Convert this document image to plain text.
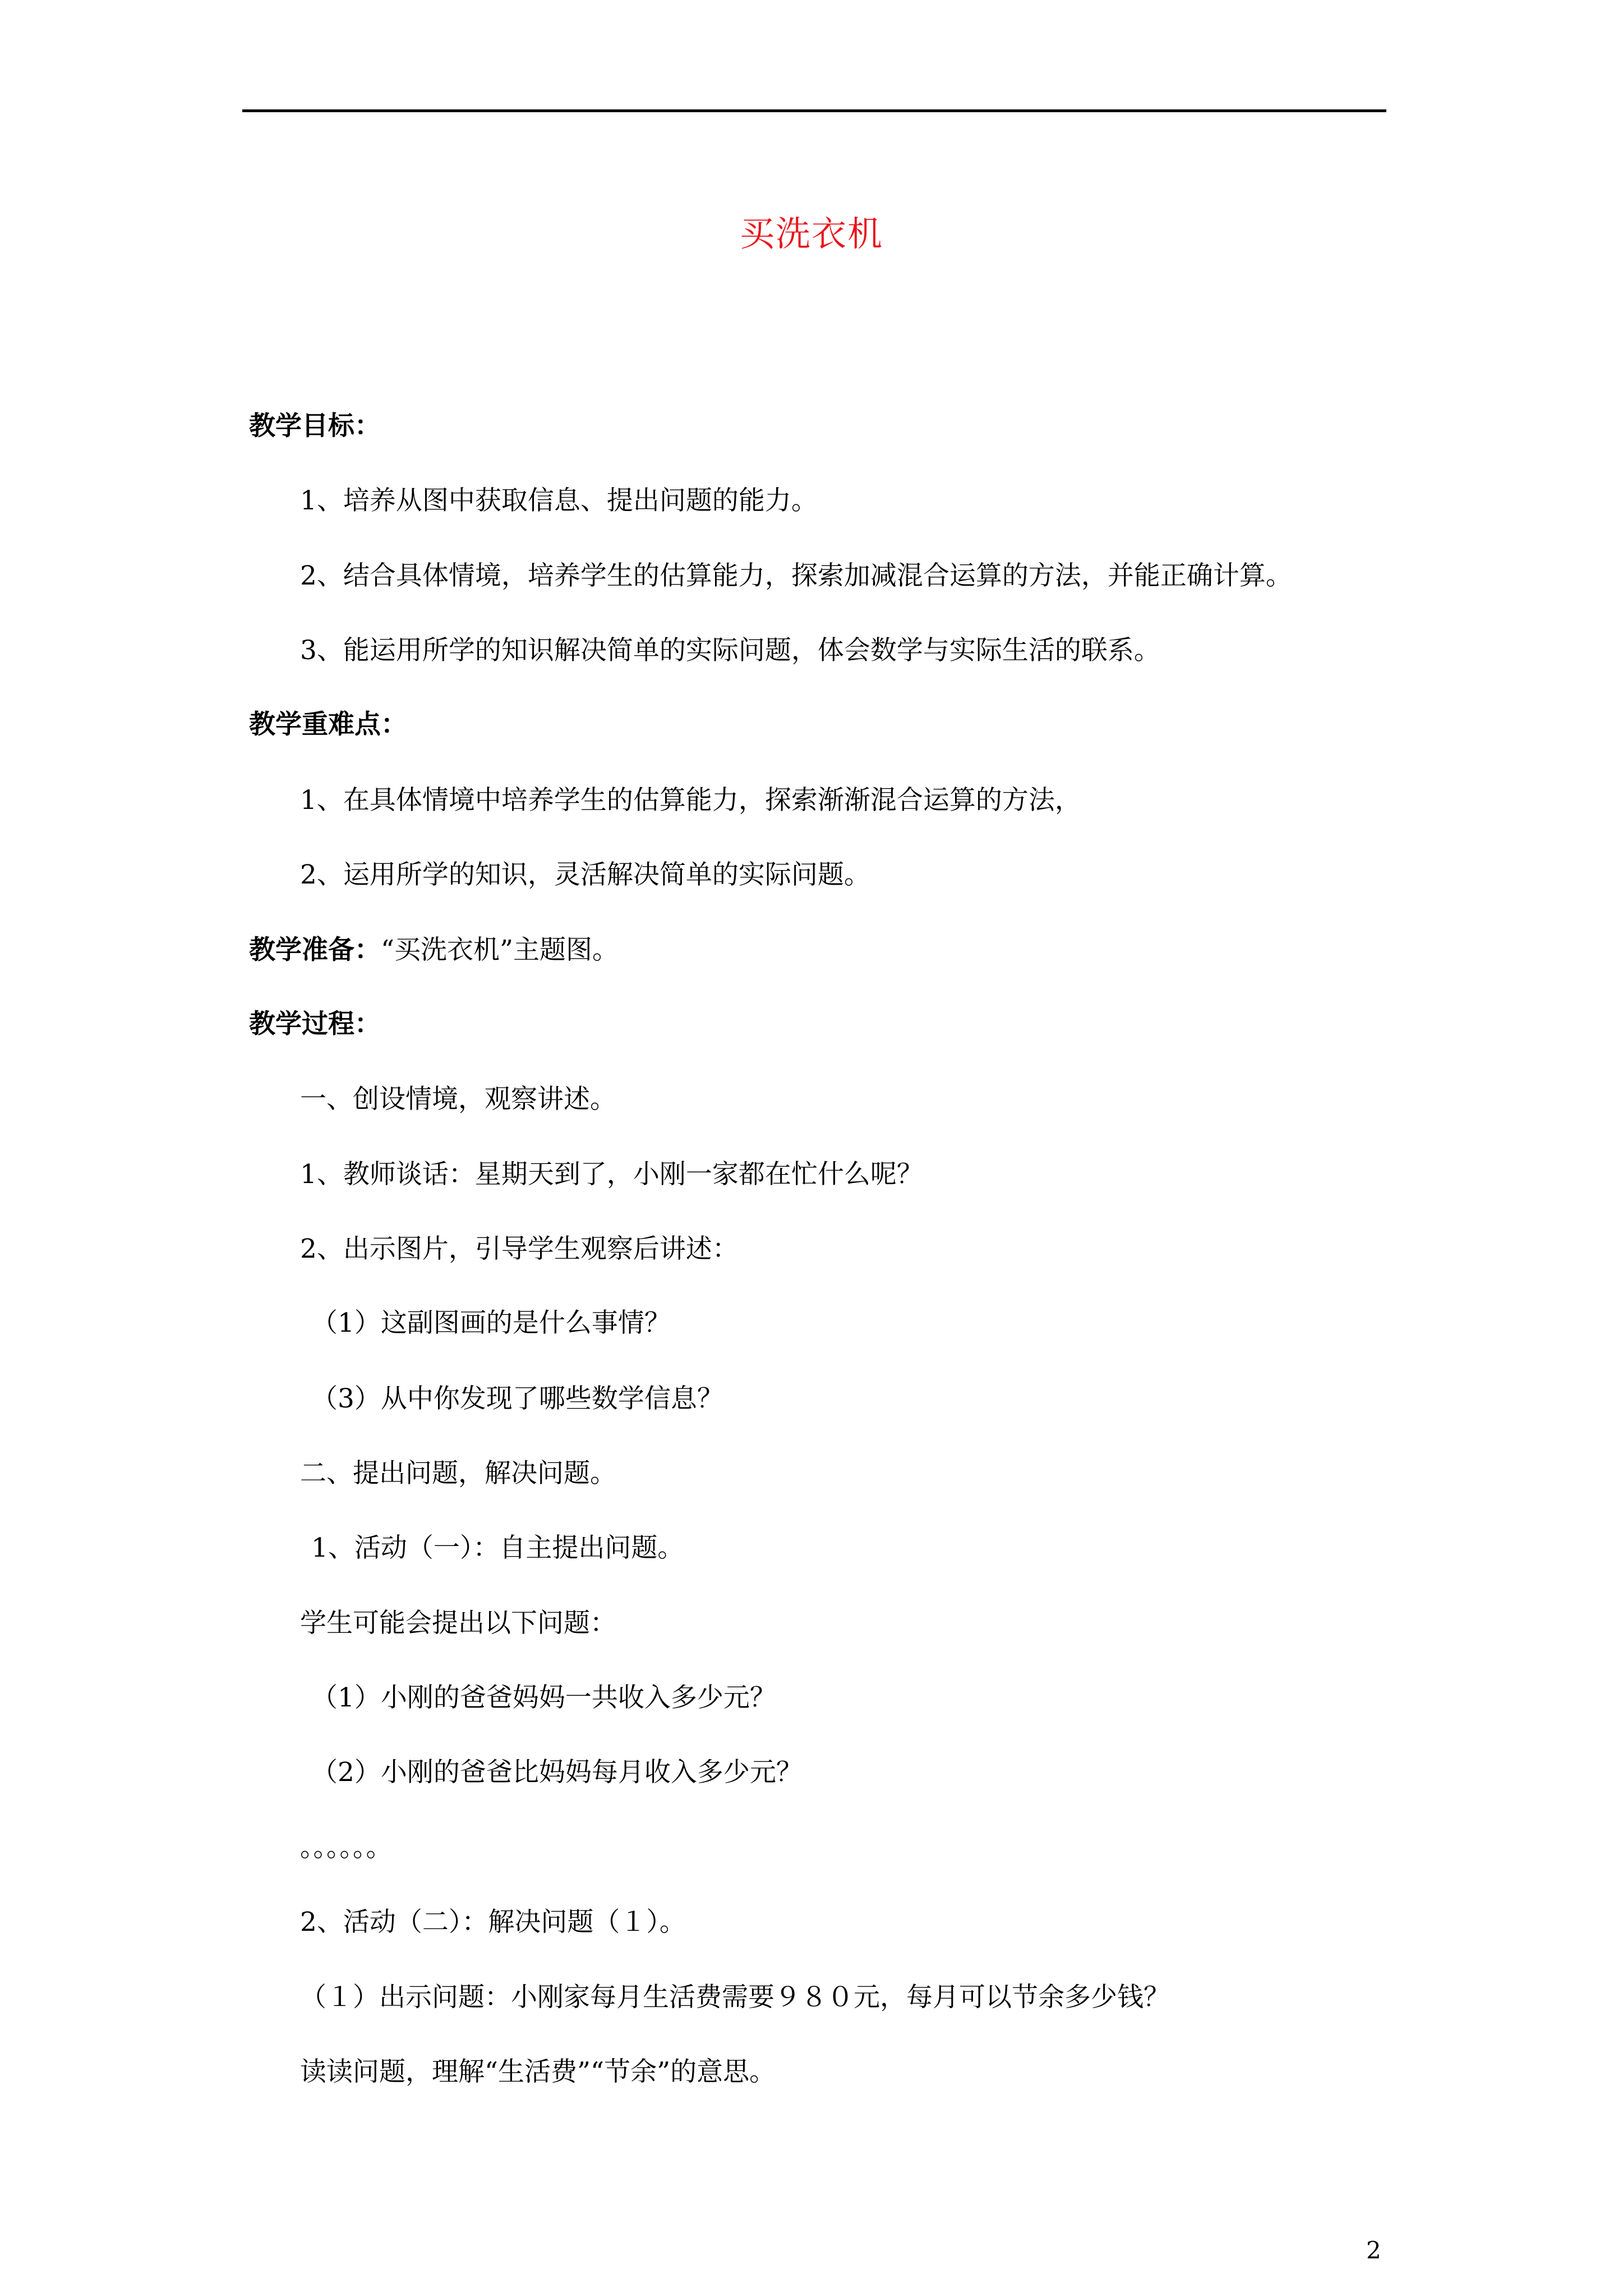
买洗衣机
教学目标：
1、培养从图中获取信息、提出问题的能力。
2、结合具体情境，培养学生的估算能力，探索加减混合运算的方法，并能正确计算。
3、能运用所学的知识解决简单的实际问题，体会数学与实际生活的联系。
教学重难点：
1、在具体情境中培养学生的估算能力，探索渐渐混合运算的方法，
2、运用所学的知识，灵活解决简单的实际问题。
教学准备：“买洗衣机”主题图。
教学过程：
一、创设情境，观察讲述。
1、教师谈话：星期天到了，小刚一家都在忙什么呢？
2、出示图片，引导学生观察后讲述：
（1）这副图画的是什么事情？
（3）从中你发现了哪些数学信息？
二、提出问题，解决问题。
1、活动（一）：自主提出问题。
学生可能会提出以下问题：
（1）小刚的爸爸妈妈一共收入多少元？
（2）小刚的爸爸比妈妈每月收入多少元？
。。。。。。
2、活动（二）：解决问题（１）。
（１）出示问题：小刚家每月生活费需要９８０元，每月可以节余多少钱？
读读问题，理解“生活费”“节余”的意思。
2
